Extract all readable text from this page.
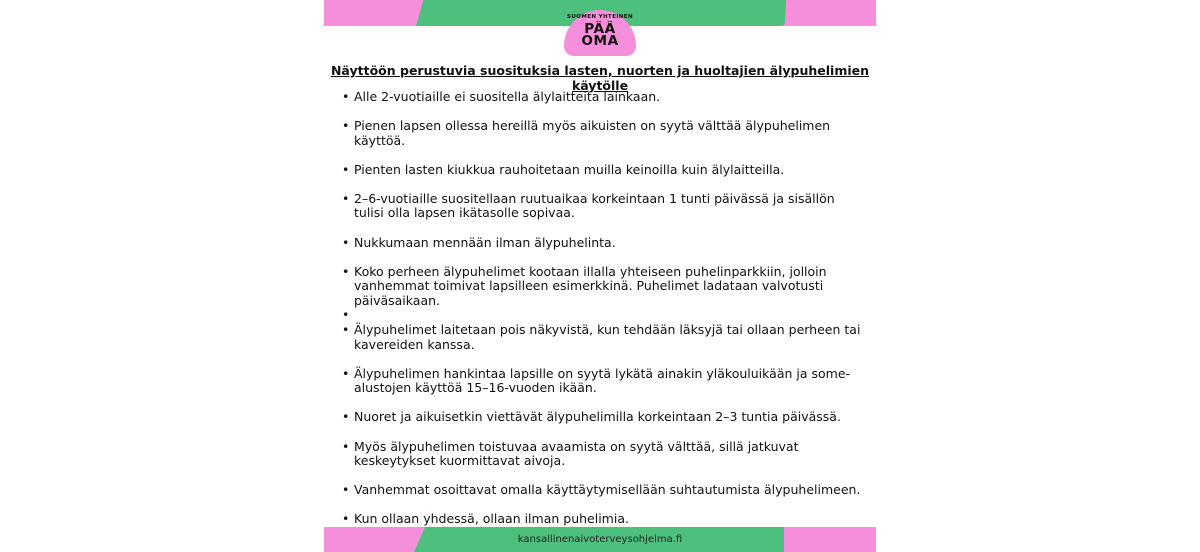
SUOMEN YHTEINEN
PÄÄ
OMA
Näyttöön perustuvia suosituksia lasten, nuorten ja huoltajien älypuhelimien käytölle
• Alle 2-vuotiaille ei suositella älylaitteita lainkaan.
• Pienen lapsen ollessa hereillä myös aikuisten on syytä välttää älypuhelimen käyttöä.
• Pienten lasten kiukkua rauhoitetaan muilla keinoilla kuin älylaitteilla.
• 2–6-vuotiaille suositellaan ruutuaikaa korkeintaan 1 tunti päivässä ja sisällön tulisi olla lapsen ikätasolle sopivaa.
• Nukkumaan mennään ilman älypuhelinta.
• Koko perheen älypuhelimet kootaan illalla yhteiseen puhelinparkkiin, jolloin vanhemmat toimivat lapsilleen esimerkkinä. Puhelimet ladataan valvotusti päiväsaikaan.
•
• Älypuhelimet laitetaan pois näkyvistä, kun tehdään läksyjä tai ollaan perheen tai kavereiden kanssa.
• Älypuhelimen hankintaa lapsille on syytä lykätä ainakin yläkouluikään ja some-alustojen käyttöä 15–16-vuoden ikään.
• Nuoret ja aikuisetkin viettävät älypuhelimilla korkeintaan 2–3 tuntia päivässä.
• Myös älypuhelimen toistuvaa avaamista on syytä välttää, sillä jatkuvat keskeytykset kuormittavat aivoja.
• Vanhemmat osoittavat omalla käyttäytymisellään suhtautumista älypuhelimeen.
• Kun ollaan yhdessä, ollaan ilman puhelimia.
kansallinenaivoterveysohjelma.fi
